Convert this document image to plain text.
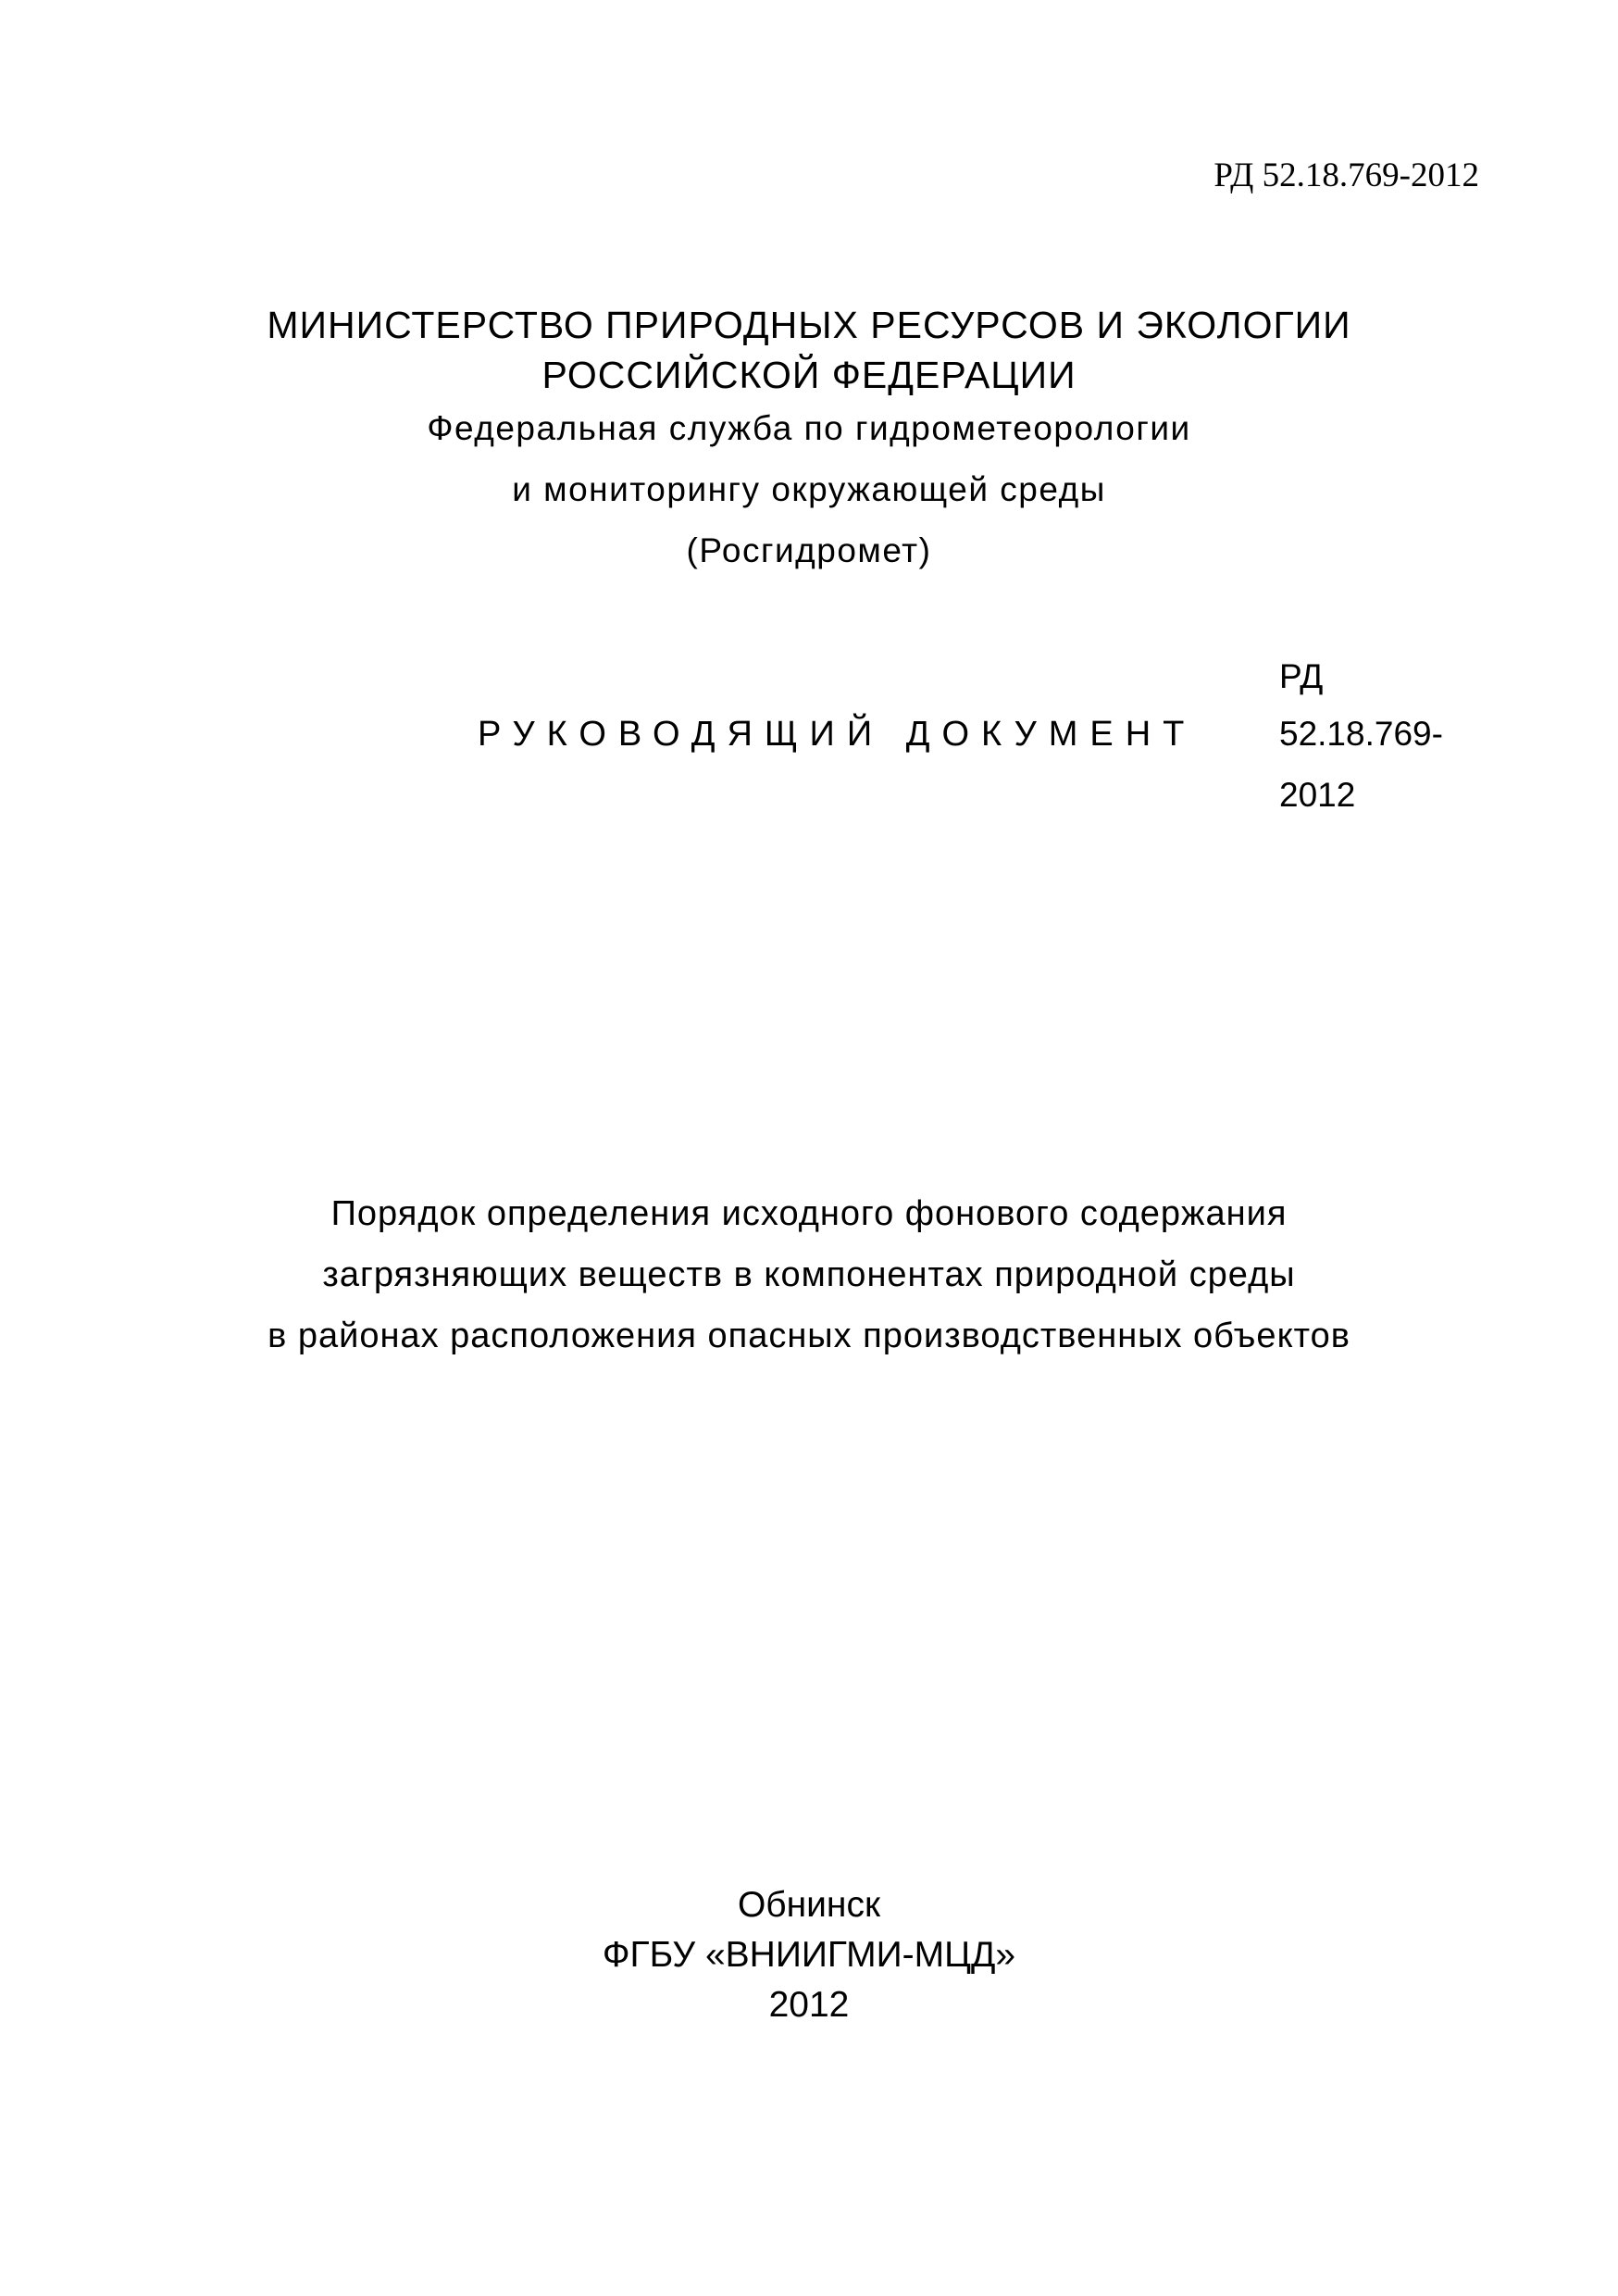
РД 52.18.769-2012

МИНИСТЕРСТВО ПРИРОДНЫХ РЕСУРСОВ И ЭКОЛОГИИ

РОССИЙСКОЙ ФЕДЕРАЦИИ

Федеральная служба по гидрометеорологии

и мониторингу окружающей среды

(Росгидромет)

РУКОВОДЯЩИЙ ДОКУМЕНТ

РД

52.18.769-

2012

Порядок определения исходного фонового содержания

загрязняющих веществ в компонентах природной среды

в районах расположения опасных производственных объектов

Обнинск

ФГБУ «ВНИИГМИ-МЦД»

2012
